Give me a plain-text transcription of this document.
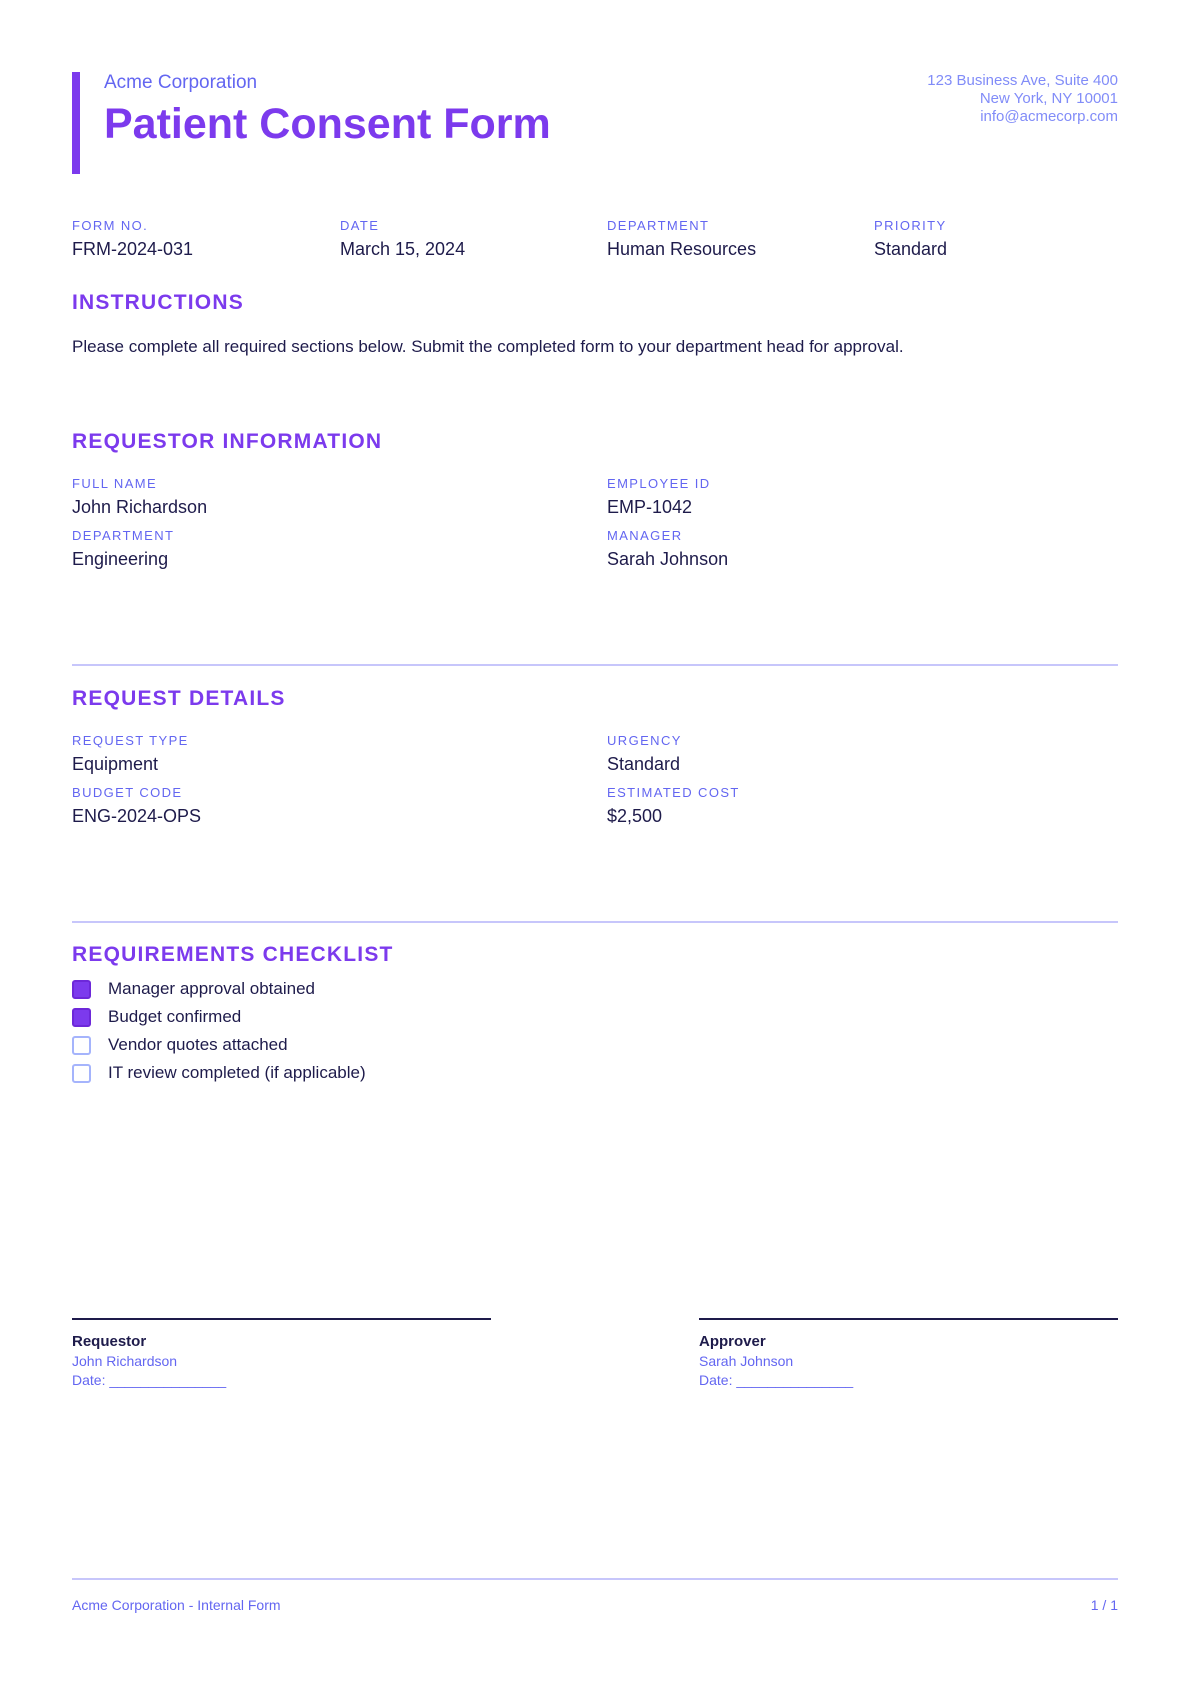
Acme Corporation
Patient Consent Form
123 Business Ave, Suite 400
New York, NY 10001
info@acmecorp.com
FORM NO.
FRM-2024-031
DATE
March 15, 2024
DEPARTMENT
Human Resources
PRIORITY
Standard
INSTRUCTIONS
Please complete all required sections below. Submit the completed form to your department head for approval.
REQUESTOR INFORMATION
FULL NAME
John Richardson
EMPLOYEE ID
EMP-1042
DEPARTMENT
Engineering
MANAGER
Sarah Johnson
REQUEST DETAILS
REQUEST TYPE
Equipment
URGENCY
Standard
BUDGET CODE
ENG-2024-OPS
ESTIMATED COST
$2,500
REQUIREMENTS CHECKLIST
Manager approval obtained
Budget confirmed
Vendor quotes attached
IT review completed (if applicable)
Requestor
John Richardson
Date: _______________
Approver
Sarah Johnson
Date: _______________
Acme Corporation - Internal Form	1 / 1
